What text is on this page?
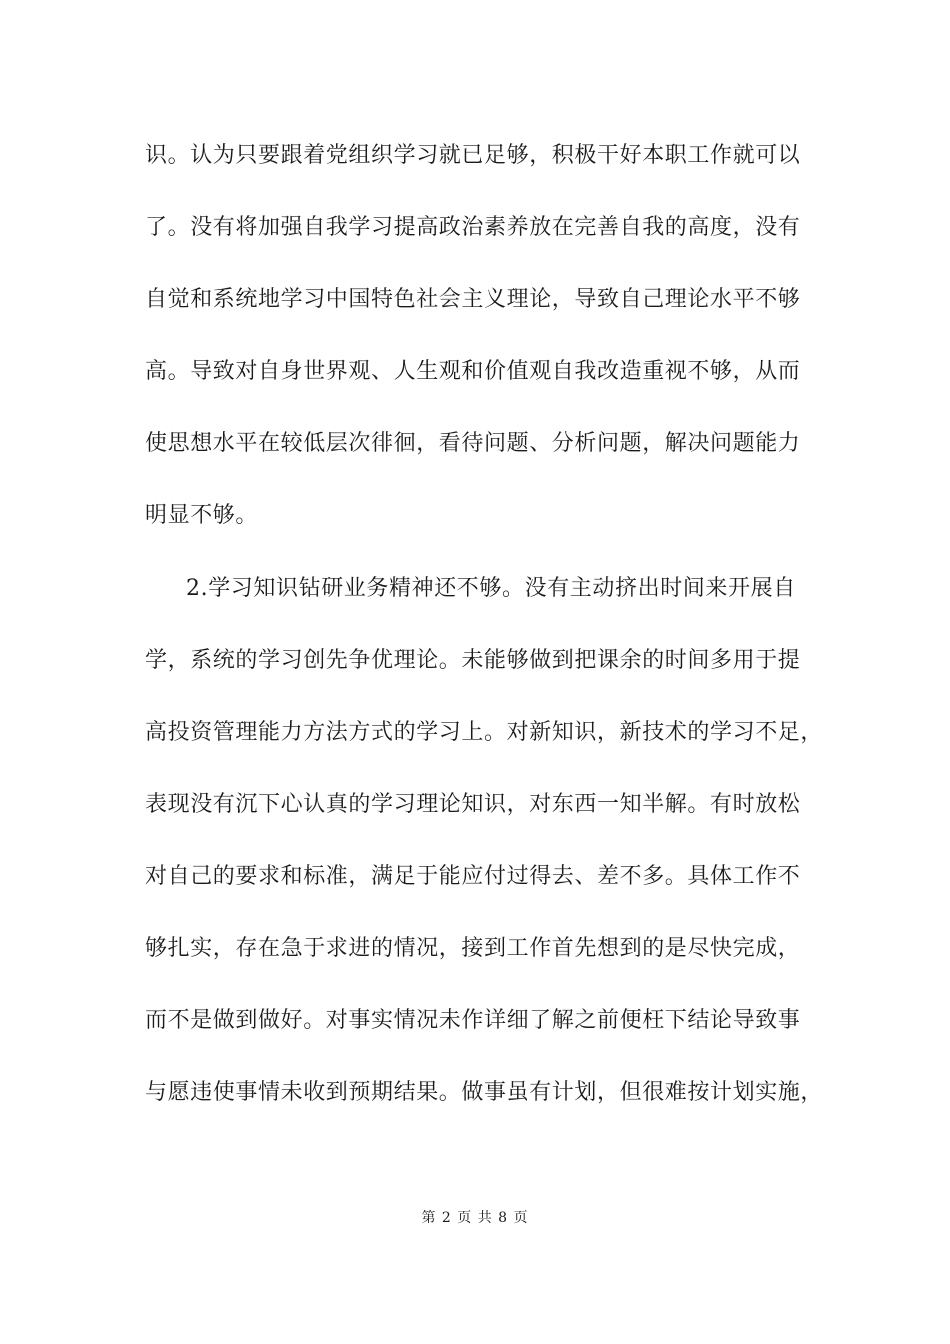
识。认为只要跟着党组织学习就已足够，积极干好本职工作就可以
了。没有将加强自我学习提高政治素养放在完善自我的高度，没有
自觉和系统地学习中国特色社会主义理论，导致自己理论水平不够
高。导致对自身世界观、人生观和价值观自我改造重视不够，从而
使思想水平在较低层次徘徊，看待问题、分析问题，解决问题能力
明显不够。
2.学习知识钻研业务精神还不够。没有主动挤出时间来开展自
学，系统的学习创先争优理论。未能够做到把课余的时间多用于提
高投资管理能力方法方式的学习上。对新知识，新技术的学习不足，
表现没有沉下心认真的学习理论知识，对东西一知半解。有时放松
对自己的要求和标准，满足于能应付过得去、差不多。具体工作不
够扎实，存在急于求进的情况，接到工作首先想到的是尽快完成，
而不是做到做好。对事实情况未作详细了解之前便枉下结论导致事
与愿违使事情未收到预期结果。做事虽有计划，但很难按计划实施，
第 2 页 共 8 页
